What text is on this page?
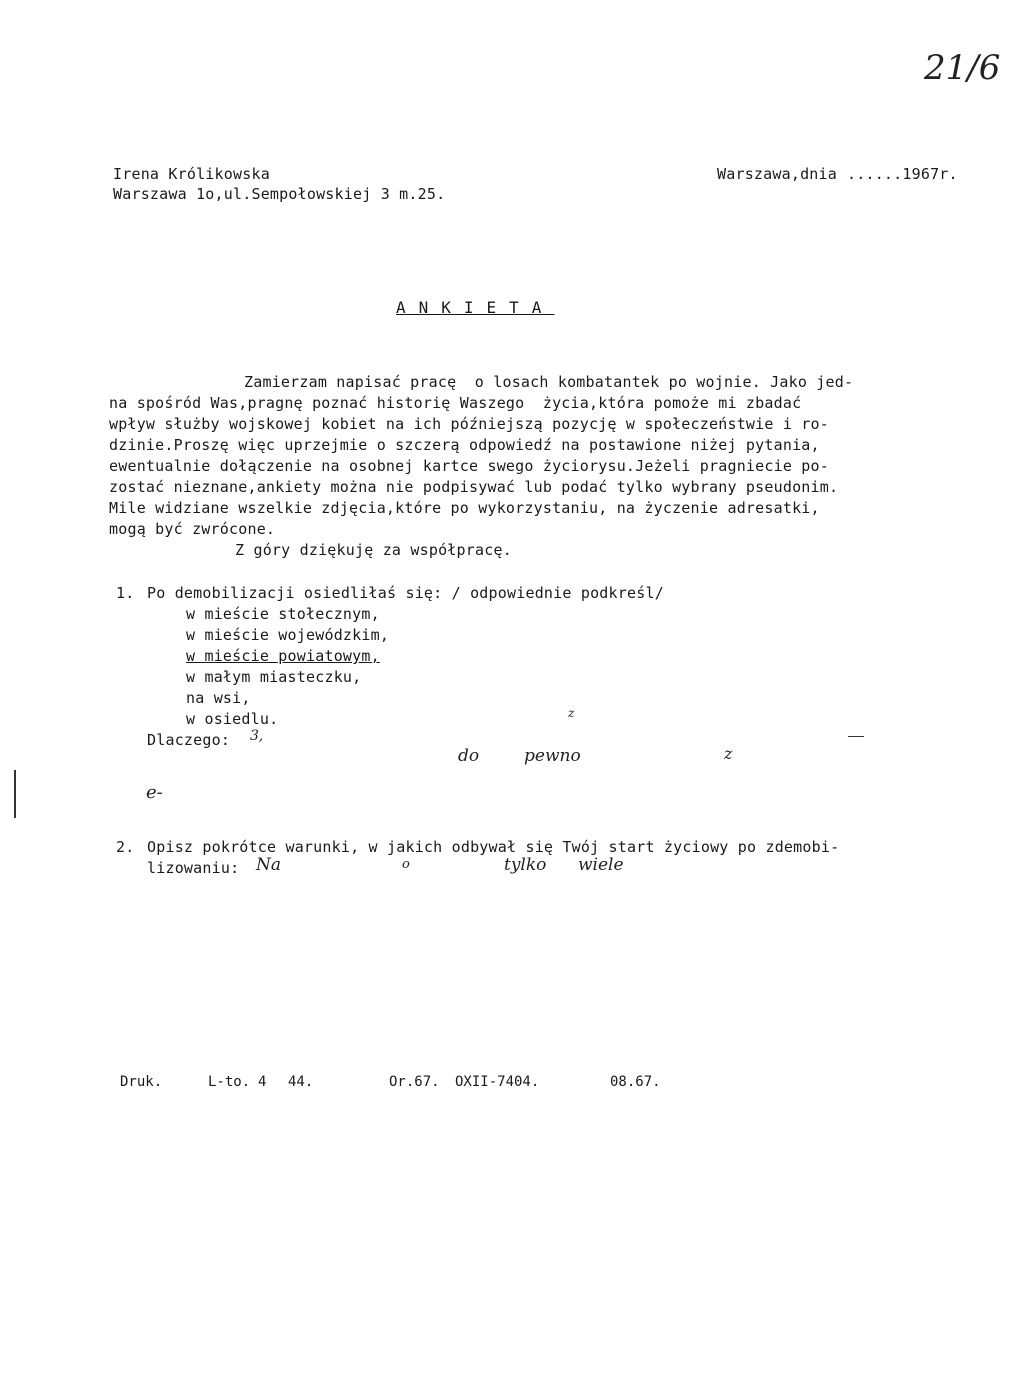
21/6
Irena Królikowska
Warszawa 1o,ul.Sempołowskiej 3 m.25.
Warszawa,dnia ......1967r.
ANKIETA
Zamierzam napisać pracę  o losach kombatantek po wojnie. Jako jed-
na spośród Was,pragnę poznać historię Waszego  życia,która pomoże mi zbadać
wpływ służby wojskowej kobiet na ich późniejszą pozycję w społeczeństwie i ro-
dzinie.Proszę więc uprzejmie o szczerą odpowiedź na postawione niżej pytania,
ewentualnie dołączenie na osobnej kartce swego życiorysu.Jeżeli pragniecie po-
zostać nieznane,ankiety można nie podpisywać lub podać tylko wybrany pseudonim.
Mile widziane wszelkie zdjęcia,które po wykorzystaniu, na życzenie adresatki,
mogą być zwrócone.
Z góry dziękuję za współpracę.
1. Po demobilizacji osiedliłaś się: / odpowiednie podkreśl/
w mieście stołecznym,
w mieście wojewódzkim,
w mieście powiatowym,
w małym miasteczku,
na wsi,
w osiedlu.
Dlaczego: 3,
z
do	pewno	z
e-
2. Opisz pokrótce warunki, w jakich odbywał się Twój start życiowy po zdemobi-
lizowaniu: Na	o	tylko wiele
Druk.	L-to. 4 44.	Or.67. OXII-7404.	08.67.
